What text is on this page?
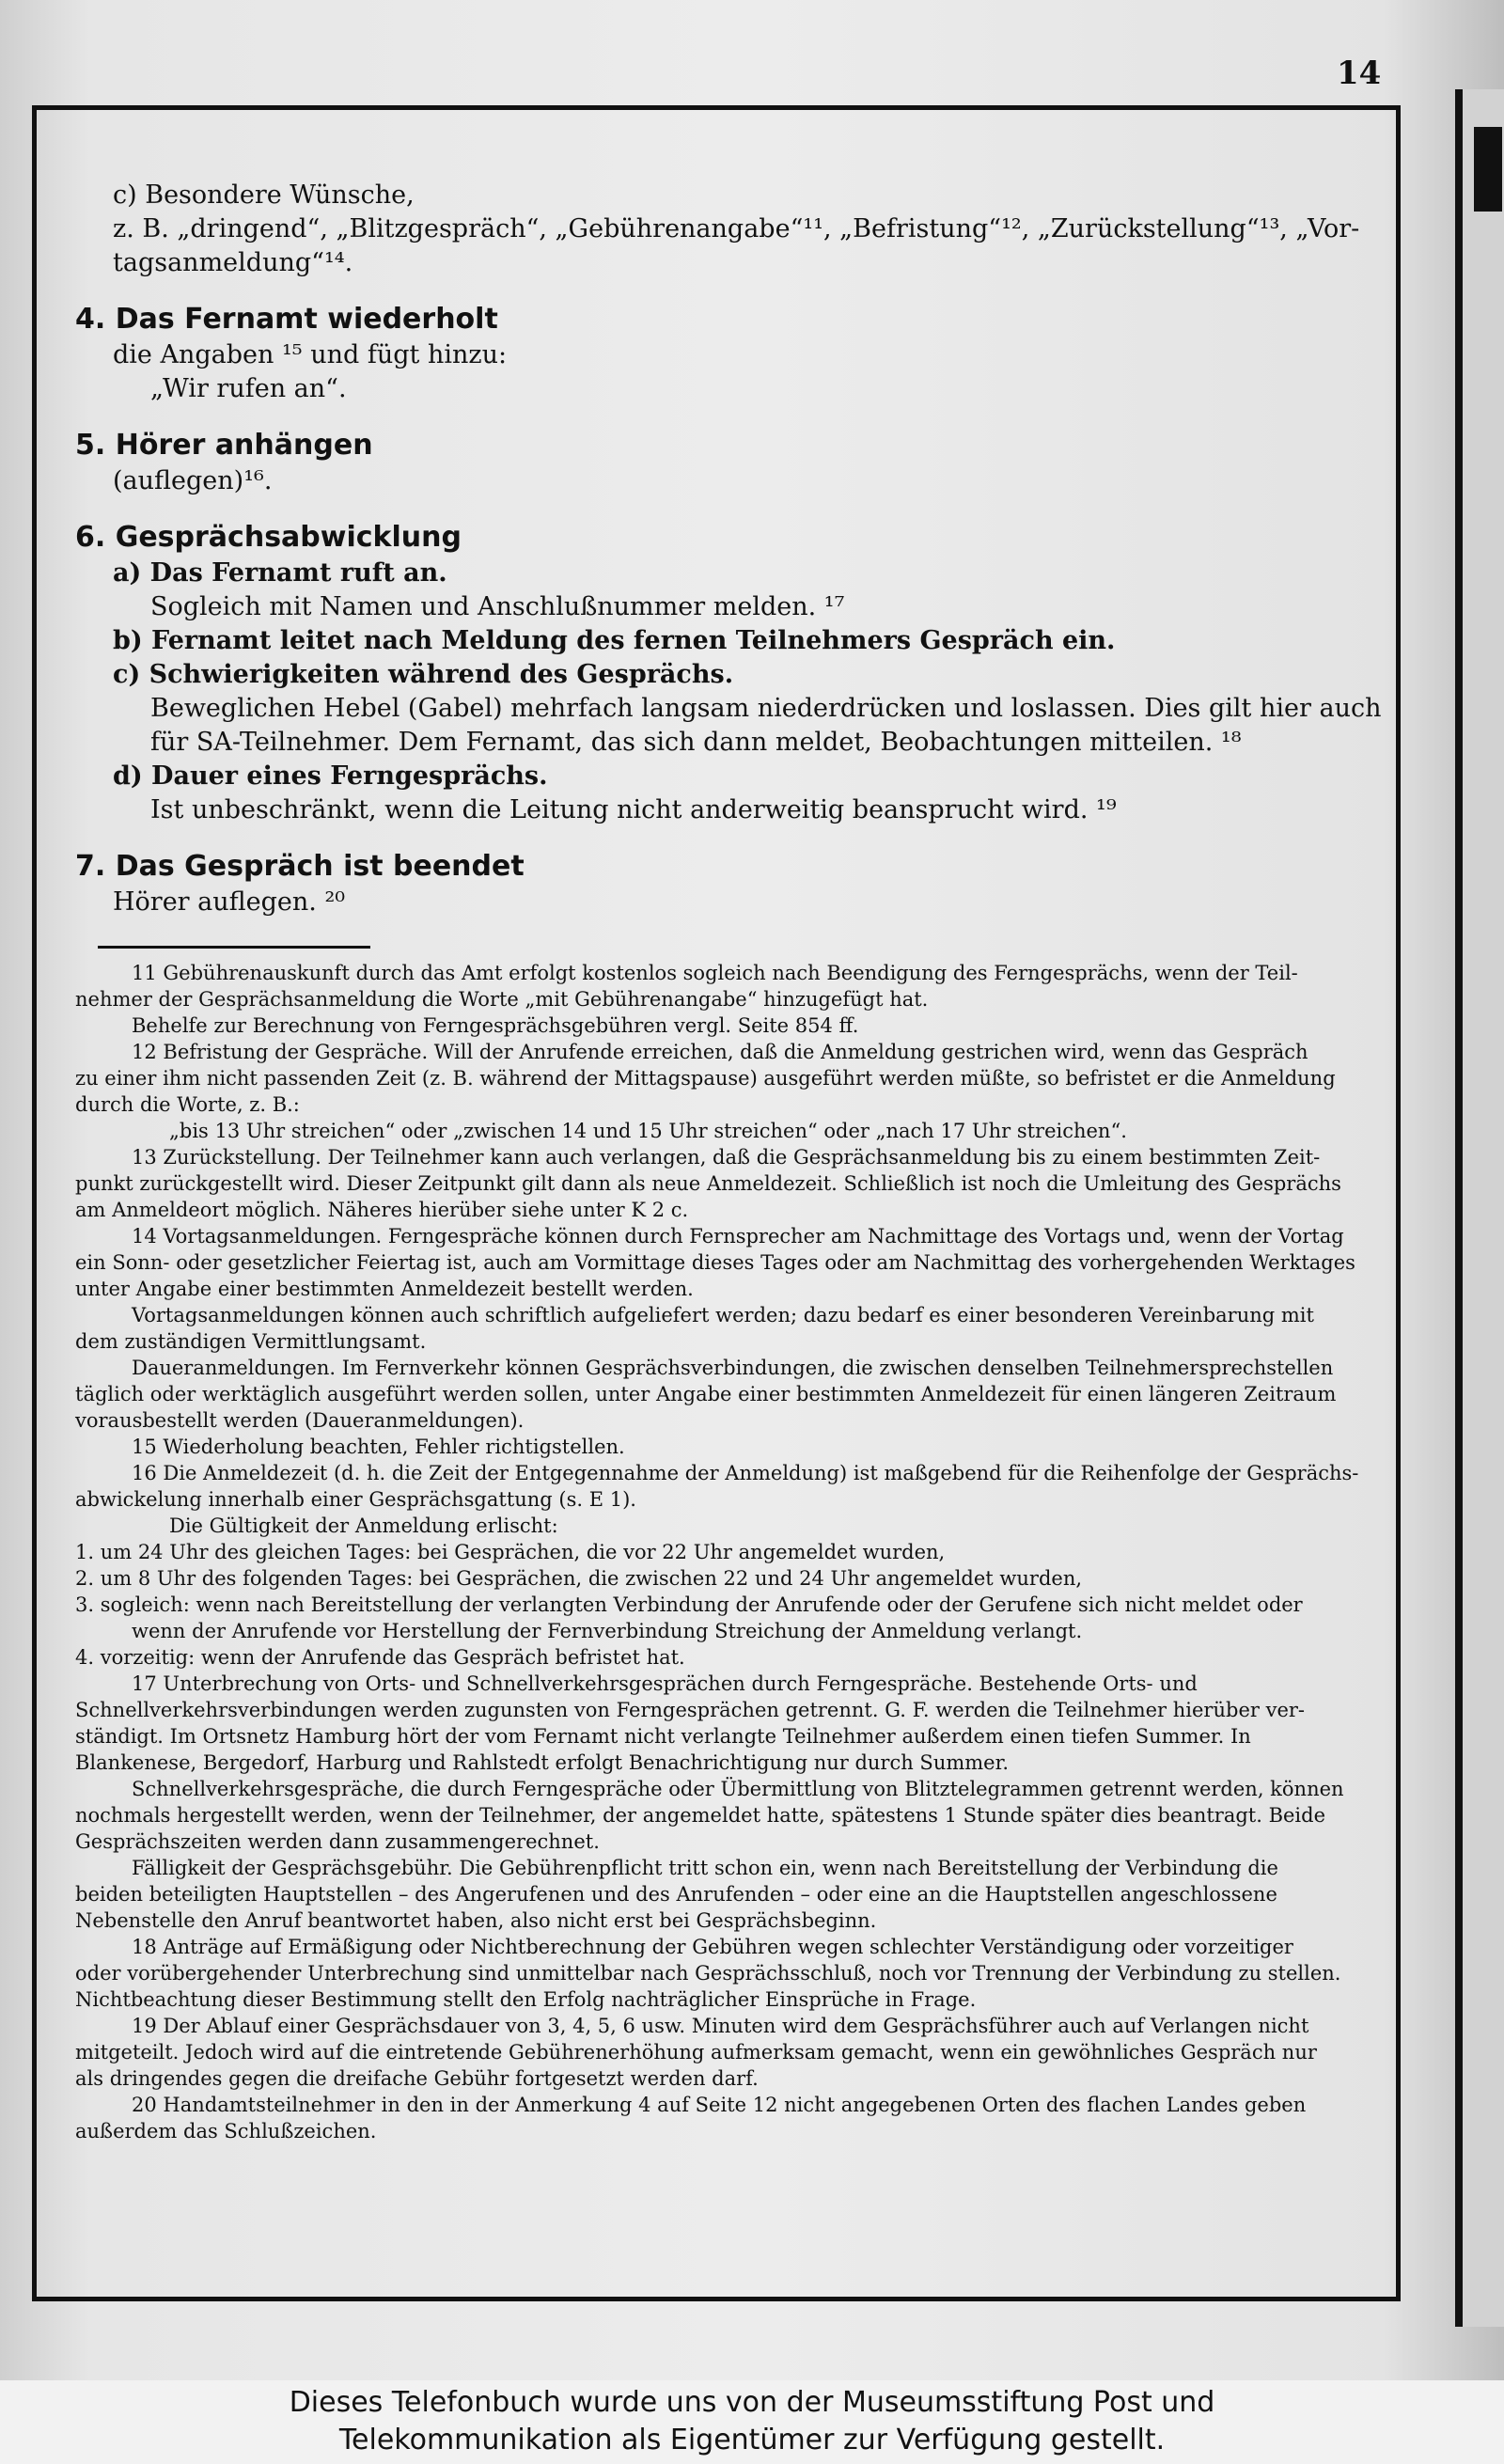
14
c) Besondere Wünsche,
z. B. „dringend“, „Blitzgespräch“, „Gebührenangabe“¹¹, „Befristung“¹², „Zurückstellung“¹³, „Vor-
tagsanmeldung“¹⁴.
4. Das Fernamt wiederholt
die Angaben ¹⁵ und fügt hinzu:
„Wir rufen an“.
5. Hörer anhängen
(auflegen)¹⁶.
6. Gesprächsabwicklung
a) Das Fernamt ruft an.
Sogleich mit Namen und Anschlußnummer melden. ¹⁷
b) Fernamt leitet nach Meldung des fernen Teilnehmers Gespräch ein.
c) Schwierigkeiten während des Gesprächs.
Beweglichen Hebel (Gabel) mehrfach langsam niederdrücken und loslassen. Dies gilt hier auch
für SA-Teilnehmer. Dem Fernamt, das sich dann meldet, Beobachtungen mitteilen. ¹⁸
d) Dauer eines Ferngesprächs.
Ist unbeschränkt, wenn die Leitung nicht anderweitig beansprucht wird. ¹⁹
7. Das Gespräch ist beendet
Hörer auflegen. ²⁰

11 Gebührenauskunft durch das Amt erfolgt kostenlos sogleich nach Beendigung des Ferngesprächs, wenn der Teil-

nehmer der Gesprächsanmeldung die Worte „mit Gebührenangabe“ hinzugefügt hat.

Behelfe zur Berechnung von Ferngesprächsgebühren vergl. Seite 854 ff.

12 Befristung der Gespräche. Will der Anrufende erreichen, daß die Anmeldung gestrichen wird, wenn das Gespräch

zu einer ihm nicht passenden Zeit (z. B. während der Mittagspause) ausgeführt werden müßte, so befristet er die Anmeldung

durch die Worte, z. B.:

„bis 13 Uhr streichen“ oder „zwischen 14 und 15 Uhr streichen“ oder „nach 17 Uhr streichen“.

13 Zurückstellung. Der Teilnehmer kann auch verlangen, daß die Gesprächsanmeldung bis zu einem bestimmten Zeit-

punkt zurückgestellt wird. Dieser Zeitpunkt gilt dann als neue Anmeldezeit. Schließlich ist noch die Umleitung des Gesprächs

am Anmeldeort möglich. Näheres hierüber siehe unter K 2 c.

14 Vortagsanmeldungen. Ferngespräche können durch Fernsprecher am Nachmittage des Vortags und, wenn der Vortag

ein Sonn- oder gesetzlicher Feiertag ist, auch am Vormittage dieses Tages oder am Nachmittag des vorhergehenden Werktages

unter Angabe einer bestimmten Anmeldezeit bestellt werden.

Vortagsanmeldungen können auch schriftlich aufgeliefert werden; dazu bedarf es einer besonderen Vereinbarung mit

dem zuständigen Vermittlungsamt.

Daueranmeldungen. Im Fernverkehr können Gesprächsverbindungen, die zwischen denselben Teilnehmersprechstellen

täglich oder werktäglich ausgeführt werden sollen, unter Angabe einer bestimmten Anmeldezeit für einen längeren Zeitraum

vorausbestellt werden (Daueranmeldungen).

15 Wiederholung beachten, Fehler richtigstellen.

16 Die Anmeldezeit (d. h. die Zeit der Entgegennahme der Anmeldung) ist maßgebend für die Reihenfolge der Gesprächs-

abwickelung innerhalb einer Gesprächsgattung (s. E 1).

Die Gültigkeit der Anmeldung erlischt:

1. um 24 Uhr des gleichen Tages: bei Gesprächen, die vor 22 Uhr angemeldet wurden,

2. um 8 Uhr des folgenden Tages: bei Gesprächen, die zwischen 22 und 24 Uhr angemeldet wurden,

3. sogleich: wenn nach Bereitstellung der verlangten Verbindung der Anrufende oder der Gerufene sich nicht meldet oder

wenn der Anrufende vor Herstellung der Fernverbindung Streichung der Anmeldung verlangt.

4. vorzeitig: wenn der Anrufende das Gespräch befristet hat.

17 Unterbrechung von Orts- und Schnellverkehrsgesprächen durch Ferngespräche. Bestehende Orts- und

Schnellverkehrsverbindungen werden zugunsten von Ferngesprächen getrennt. G. F. werden die Teilnehmer hierüber ver-

ständigt. Im Ortsnetz Hamburg hört der vom Fernamt nicht verlangte Teilnehmer außerdem einen tiefen Summer. In

Blankenese, Bergedorf, Harburg und Rahlstedt erfolgt Benachrichtigung nur durch Summer.

Schnellverkehrsgespräche, die durch Ferngespräche oder Übermittlung von Blitztelegrammen getrennt werden, können

nochmals hergestellt werden, wenn der Teilnehmer, der angemeldet hatte, spätestens 1 Stunde später dies beantragt. Beide

Gesprächszeiten werden dann zusammengerechnet.

Fälligkeit der Gesprächsgebühr. Die Gebührenpflicht tritt schon ein, wenn nach Bereitstellung der Verbindung die

beiden beteiligten Hauptstellen – des Angerufenen und des Anrufenden – oder eine an die Hauptstellen angeschlossene

Nebenstelle den Anruf beantwortet haben, also nicht erst bei Gesprächsbeginn.

18 Anträge auf Ermäßigung oder Nichtberechnung der Gebühren wegen schlechter Verständigung oder vorzeitiger

oder vorübergehender Unterbrechung sind unmittelbar nach Gesprächsschluß, noch vor Trennung der Verbindung zu stellen.

Nichtbeachtung dieser Bestimmung stellt den Erfolg nachträglicher Einsprüche in Frage.

19 Der Ablauf einer Gesprächsdauer von 3, 4, 5, 6 usw. Minuten wird dem Gesprächsführer auch auf Verlangen nicht

mitgeteilt. Jedoch wird auf die eintretende Gebührenerhöhung aufmerksam gemacht, wenn ein gewöhnliches Gespräch nur

als dringendes gegen die dreifache Gebühr fortgesetzt werden darf.

20 Handamtsteilnehmer in den in der Anmerkung 4 auf Seite 12 nicht angegebenen Orten des flachen Landes geben

außerdem das Schlußzeichen.

Dieses Telefonbuch wurde uns von der Museumsstiftung Post und
Telekommunikation als Eigentümer zur Verfügung gestellt.
